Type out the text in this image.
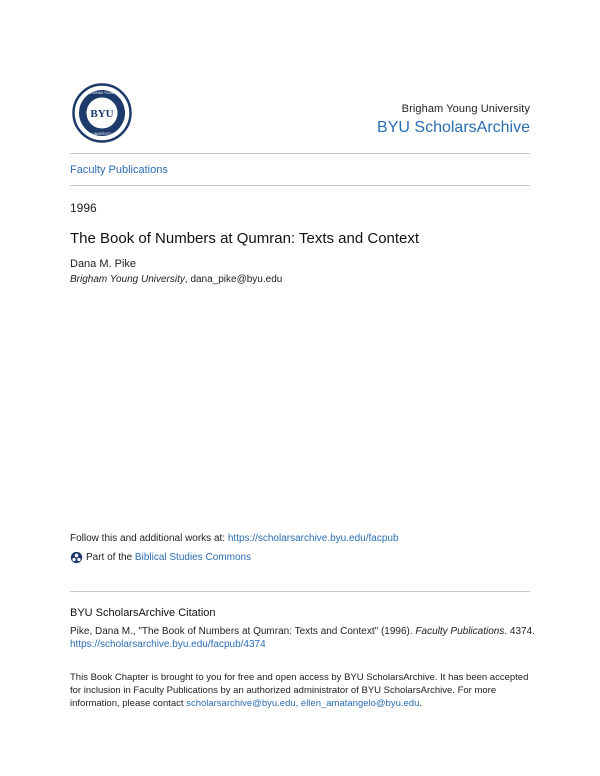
BRIGHAM YOUNG
BYU
UNIVERSITY
Brigham Young University
BYU ScholarsArchive
Faculty Publications
1996
The Book of Numbers at Qumran: Texts and Context
Dana M. Pike
Brigham Young University, dana_pike@byu.edu
Follow this and additional works at: https://scholarsarchive.byu.edu/facpub
Part of the
Biblical Studies Commons
BYU ScholarsArchive Citation
Pike, Dana M., "The Book of Numbers at Qumran: Texts and Context" (1996). Faculty Publications. 4374.
https://scholarsarchive.byu.edu/facpub/4374
This Book Chapter is brought to you for free and open access by BYU ScholarsArchive. It has been accepted for inclusion in Faculty Publications by an authorized administrator of BYU ScholarsArchive. For more information, please contact scholarsarchive@byu.edu, ellen_amatangelo@byu.edu.
